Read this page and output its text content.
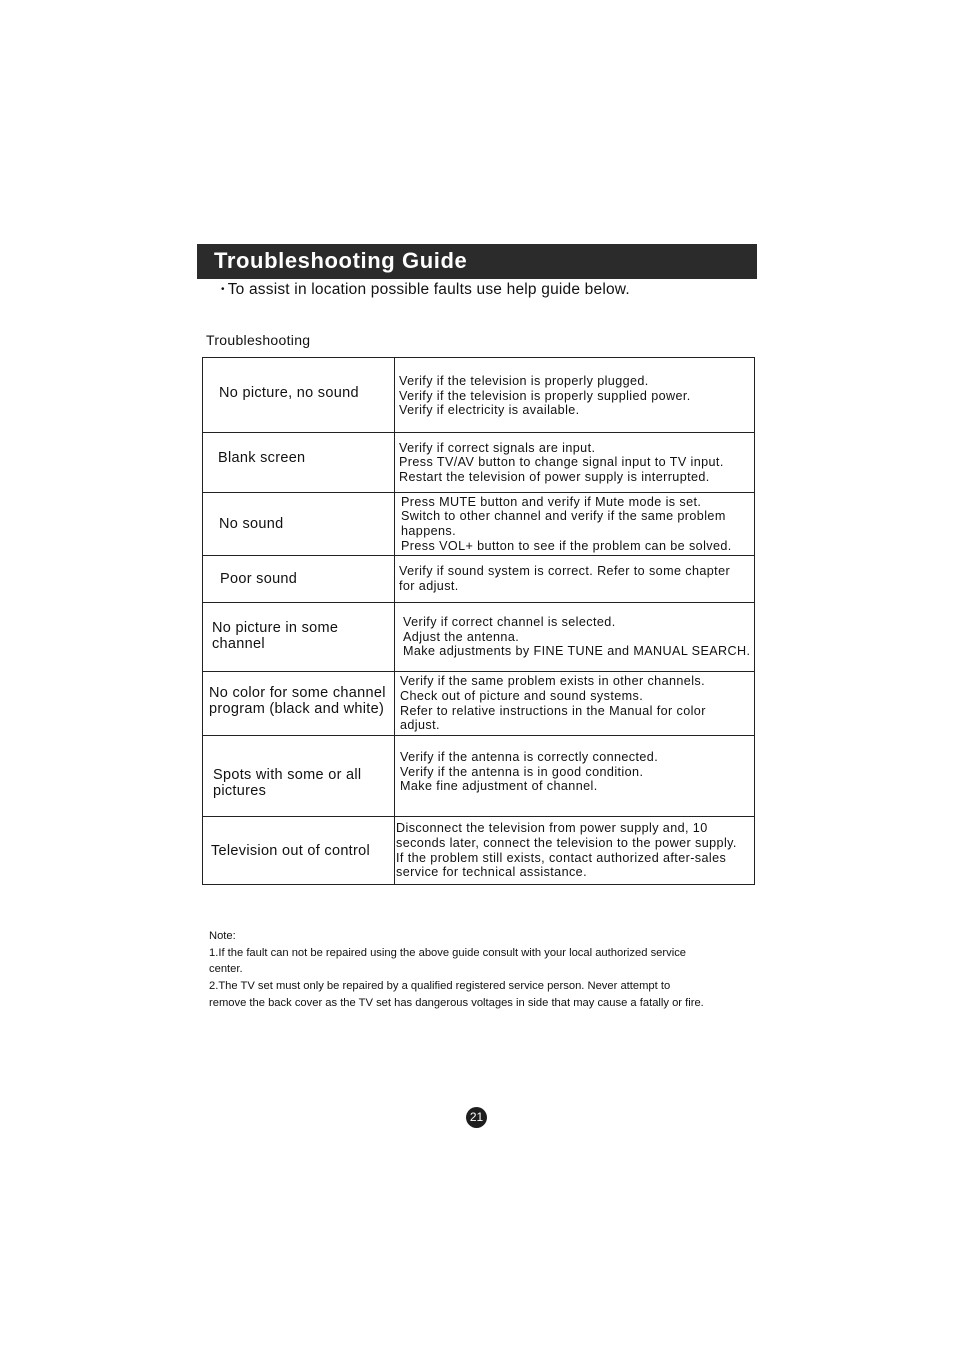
Troubleshooting Guide
• To assist in location possible faults use help guide below.
Troubleshooting
No picture, no sound
Verify if the television is properly plugged.
Verify if the television is properly supplied power.
Verify if electricity is available.
Blank screen
Verify if correct signals are input.
Press TV/AV button to change signal input to TV input.
Restart the television of power supply is interrupted.
No sound
Press MUTE button and verify if Mute mode is set.
Switch to other channel and verify if the same problem
happens.
Press VOL+ button to see if the problem can be solved.
Poor sound	Verify if sound system is correct. Refer to some chapter
for adjust.
No picture in some channel
Verify if correct channel is selected.
Adjust the antenna.
Make adjustments by FINE TUNE and MANUAL SEARCH.
No color for some channel program (black and white)
Verify if the same problem exists in other channels.
Check out of picture and sound systems.
Refer to relative instructions in the Manual for color
adjust.
Spots with some or all pictures
Verify if the antenna is correctly connected.
Verify if the antenna is in good condition.
Make fine adjustment of channel.
Television out of control
Disconnect the television from power supply and, 10
seconds later, connect the television to the power supply.
If the problem still exists, contact authorized after-sales
service for technical assistance.
Note:
1.If the fault can not be repaired using the above guide consult with your local authorized service
center.
2.The TV set must only be repaired by a qualified registered service person. Never attempt to
remove the back cover as the TV set has dangerous voltages in side that may cause a fatally or fire.
21
